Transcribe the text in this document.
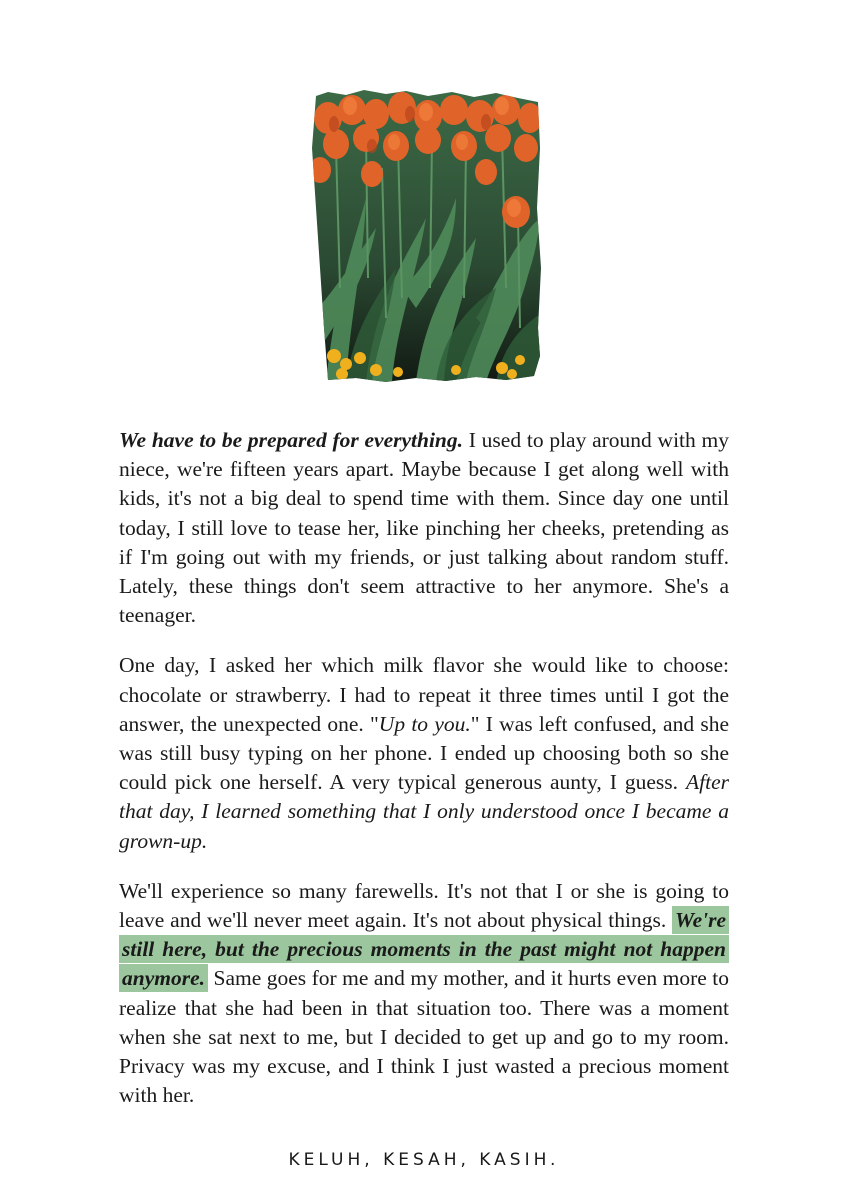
We have to be prepared for everything. I used to play around with my niece, we're fifteen years apart. Maybe because I get along well with kids, it's not a big deal to spend time with them. Since day one until today, I still love to tease her, like pinching her cheeks, pretending as if I'm going out with my friends, or just talking about random stuff. Lately, these things don't seem attractive to her anymore. She's a teenager.

One day, I asked her which milk flavor she would like to choose: chocolate or strawberry. I had to repeat it three times until I got the answer, the unexpected one. "Up to you." I was left confused, and she was still busy typing on her phone. I ended up choosing both so she could pick one herself. A very typical generous aunty, I guess. After that day, I learned something that I only understood once I became a grown-up.

We'll experience so many farewells. It's not that I or she is going to leave and we'll never meet again. It's not about physical things. We're still here, but the precious moments in the past might not happen anymore. Same goes for me and my mother, and it hurts even more to realize that she had been in that situation too. There was a moment when she sat next to me, but I decided to get up and go to my room. Privacy was my excuse, and I think I just wasted a precious moment with her.

KELUH, KESAH, KASIH.
